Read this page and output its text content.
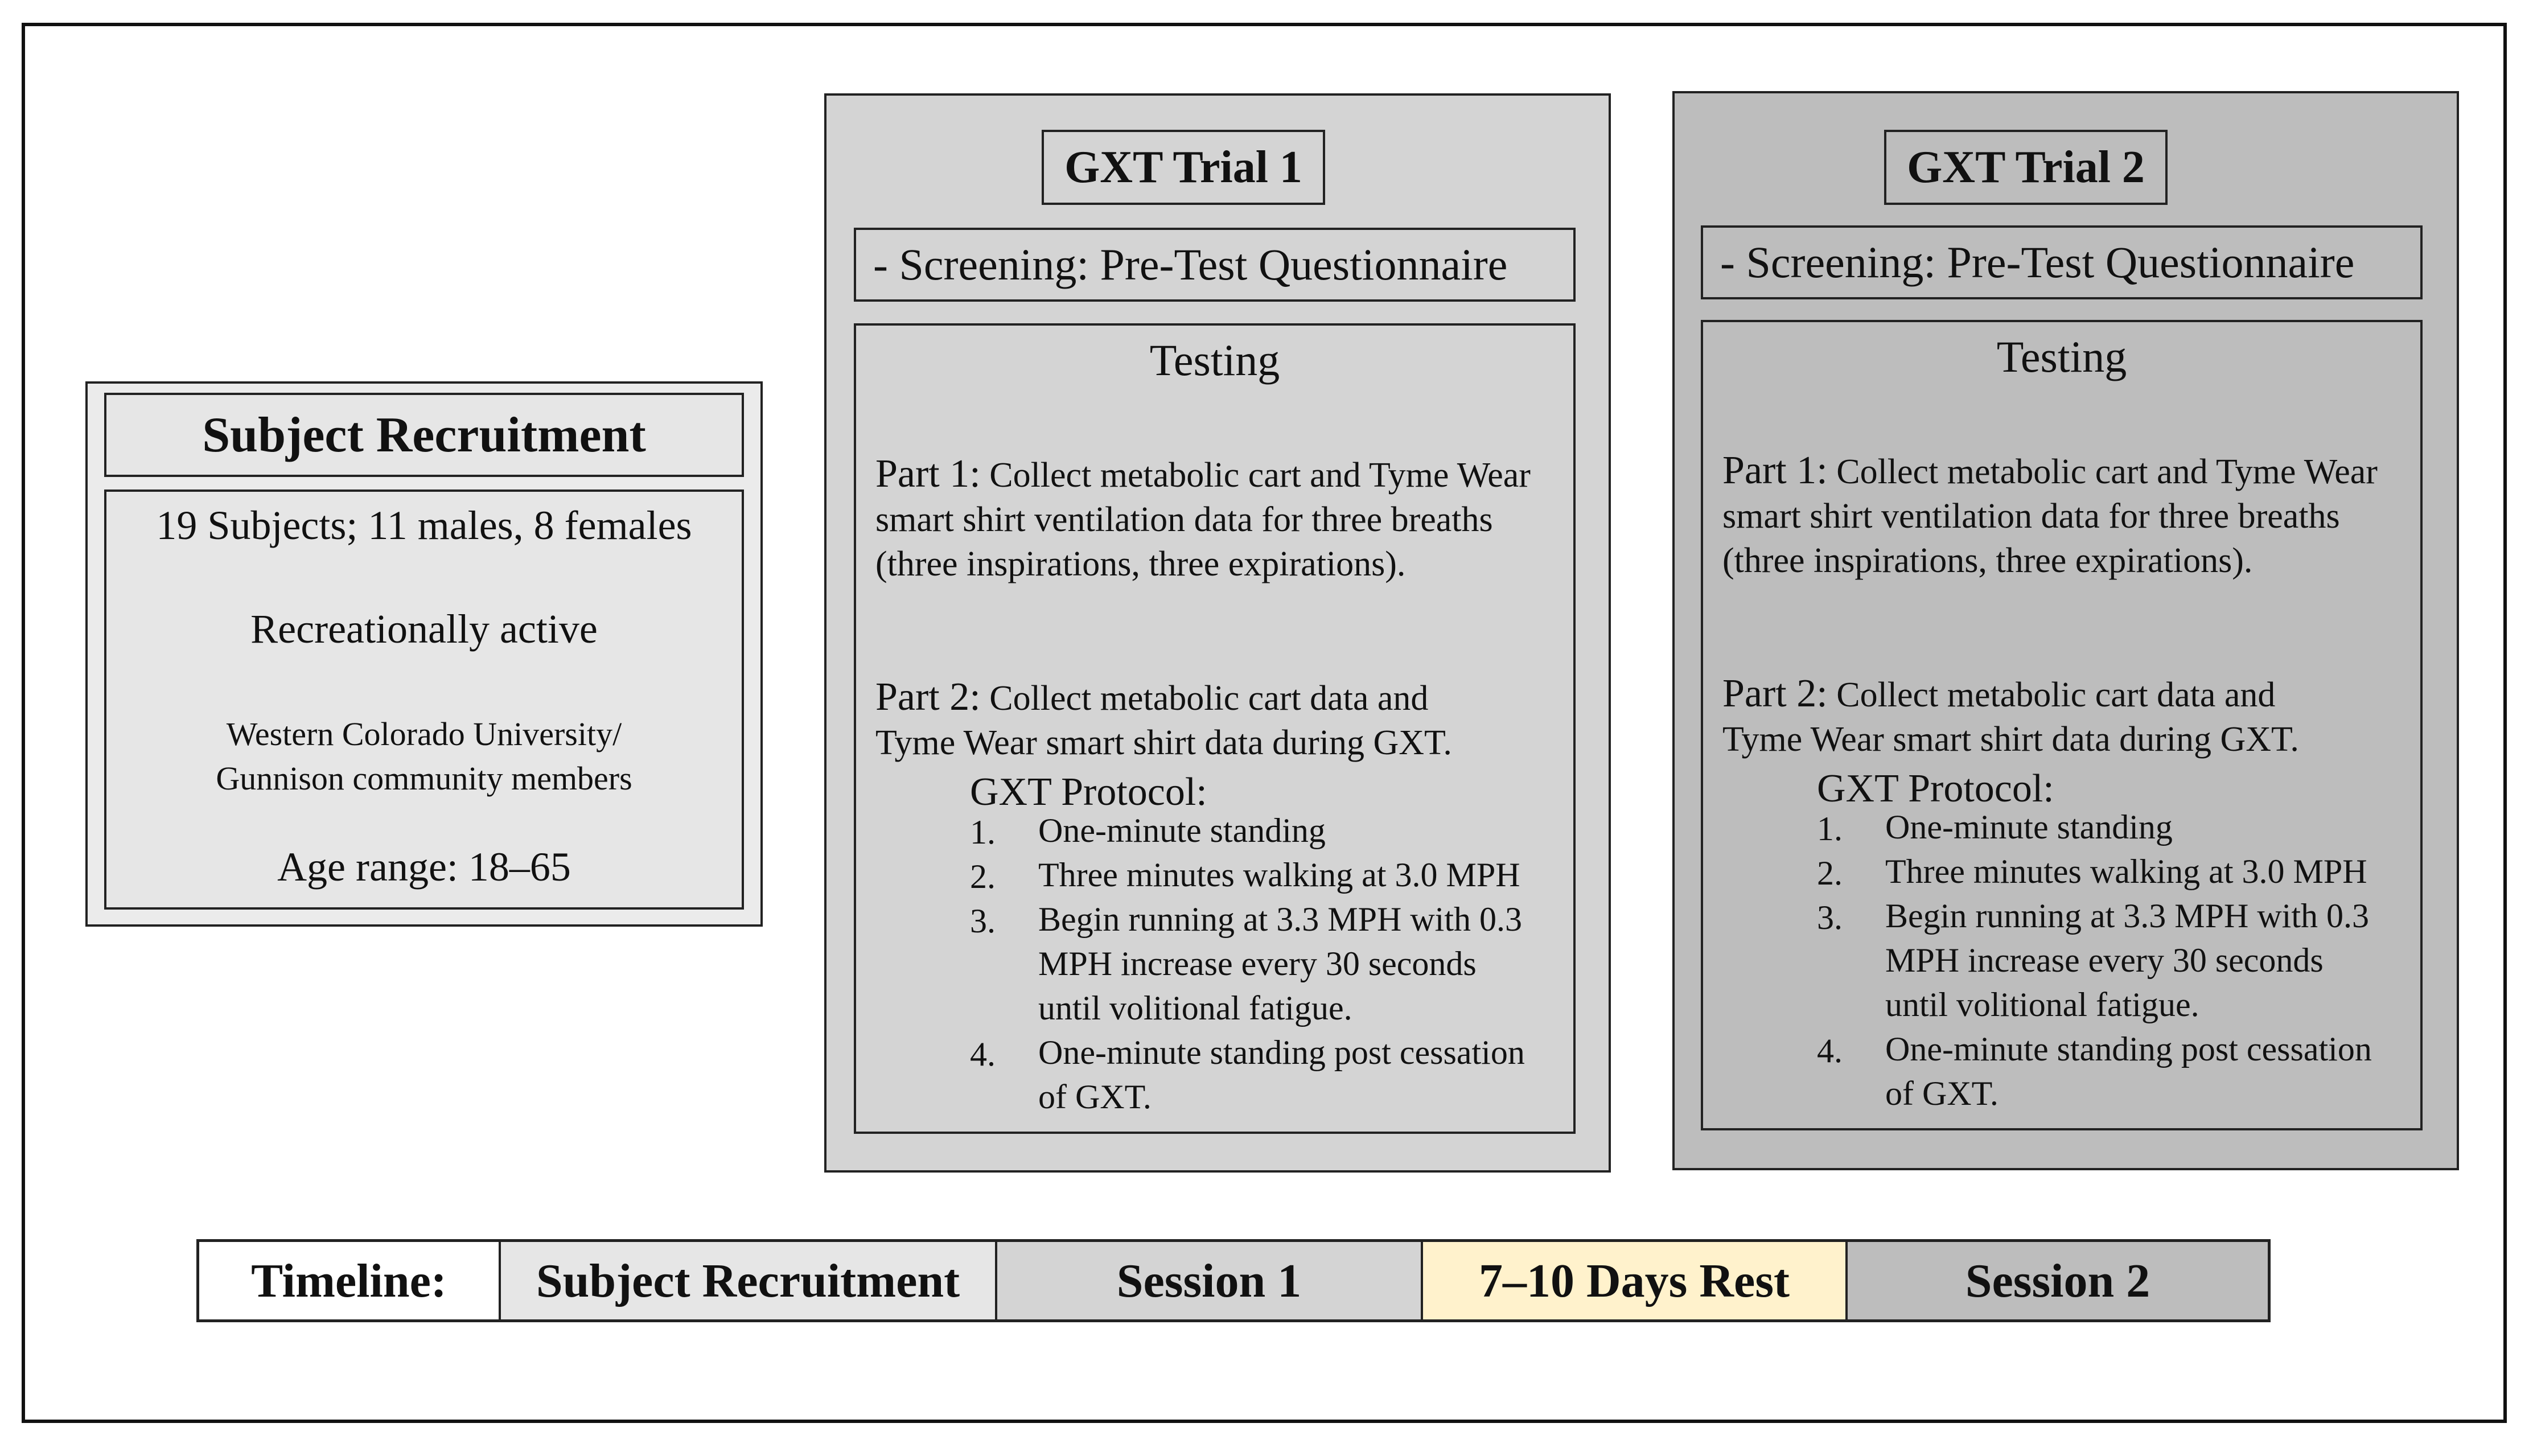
Subject Recruitment
19 Subjects; 11 males, 8 females
Recreationally active
Western Colorado University/
Gunnison community members
Age range: 18–65
GXT Trial 1
- Screening: Pre-Test Questionnaire
Testing
Part 1: Collect metabolic cart and Tyme Wear
smart shirt ventilation data for three breaths
(three inspirations, three expirations).
Part 2: Collect metabolic cart data and
Tyme Wear smart shirt data during GXT.
GXT Protocol:
1. One-minute standing
2. Three minutes walking at 3.0 MPH
3. Begin running at 3.3 MPH with 0.3
MPH increase every 30 seconds
until volitional fatigue.
4. One-minute standing post cessation
of GXT.
GXT Trial 2
- Screening: Pre-Test Questionnaire
Testing
Part 1: Collect metabolic cart and Tyme Wear
smart shirt ventilation data for three breaths
(three inspirations, three expirations).
Part 2: Collect metabolic cart data and
Tyme Wear smart shirt data during GXT.
GXT Protocol:
1. One-minute standing
2. Three minutes walking at 3.0 MPH
3. Begin running at 3.3 MPH with 0.3
MPH increase every 30 seconds
until volitional fatigue.
4. One-minute standing post cessation
of GXT.
Timeline:	Subject Recruitment	Session 1	7–10 Days Rest	Session 2
